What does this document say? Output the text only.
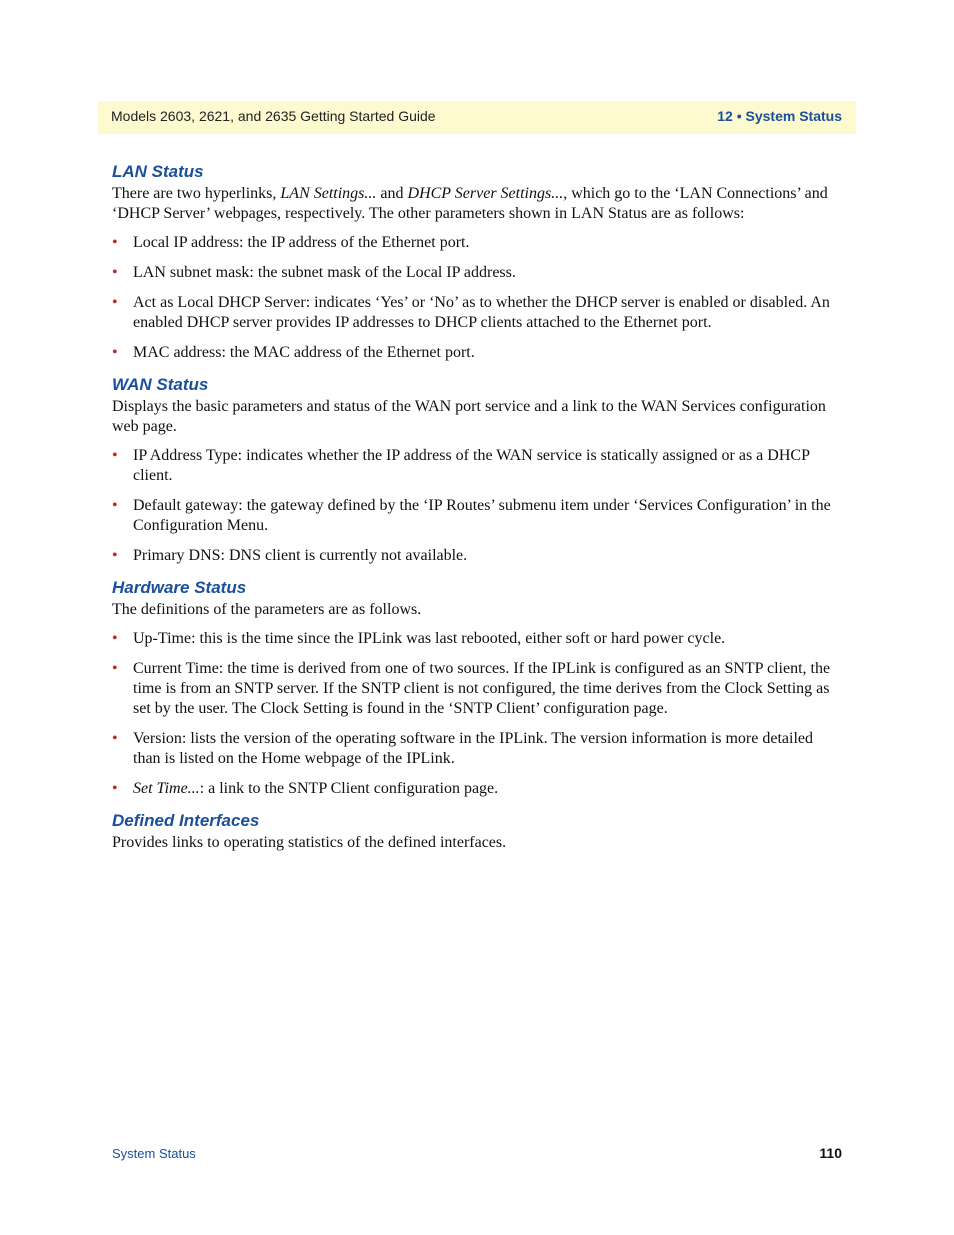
Models 2603, 2621, and 2635 Getting Started Guide	12 • System Status
LAN Status

There are two hyperlinks, LAN Settings... and DHCP Server Settings..., which go to the ‘LAN Connections’ and ‘DHCP Server’ webpages, respectively. The other parameters shown in LAN Status are as follows:

• Local IP address: the IP address of the Ethernet port.
• LAN subnet mask: the subnet mask of the Local IP address.
• Act as Local DHCP Server: indicates ‘Yes’ or ‘No’ as to whether the DHCP server is enabled or disabled. An enabled DHCP server provides IP addresses to DHCP clients attached to the Ethernet port.
• MAC address: the MAC address of the Ethernet port.
WAN Status

Displays the basic parameters and status of the WAN port service and a link to the WAN Services configuration web page.

• IP Address Type: indicates whether the IP address of the WAN service is statically assigned or as a DHCP client.
• Default gateway: the gateway defined by the ‘IP Routes’ submenu item under ‘Services Configuration’ in the Configuration Menu.
• Primary DNS: DNS client is currently not available.
Hardware Status

The definitions of the parameters are as follows.

• Up-Time: this is the time since the IPLink was last rebooted, either soft or hard power cycle.
• Current Time: the time is derived from one of two sources. If the IPLink is configured as an SNTP client, the time is from an SNTP server. If the SNTP client is not configured, the time derives from the Clock Setting as set by the user. The Clock Setting is found in the ‘SNTP Client’ configuration page.
• Version: lists the version of the operating software in the IPLink. The version information is more detailed than is listed on the Home webpage of the IPLink.
• Set Time...: a link to the SNTP Client configuration page.
Defined Interfaces

Provides links to operating statistics of the defined interfaces.

System Status	110
